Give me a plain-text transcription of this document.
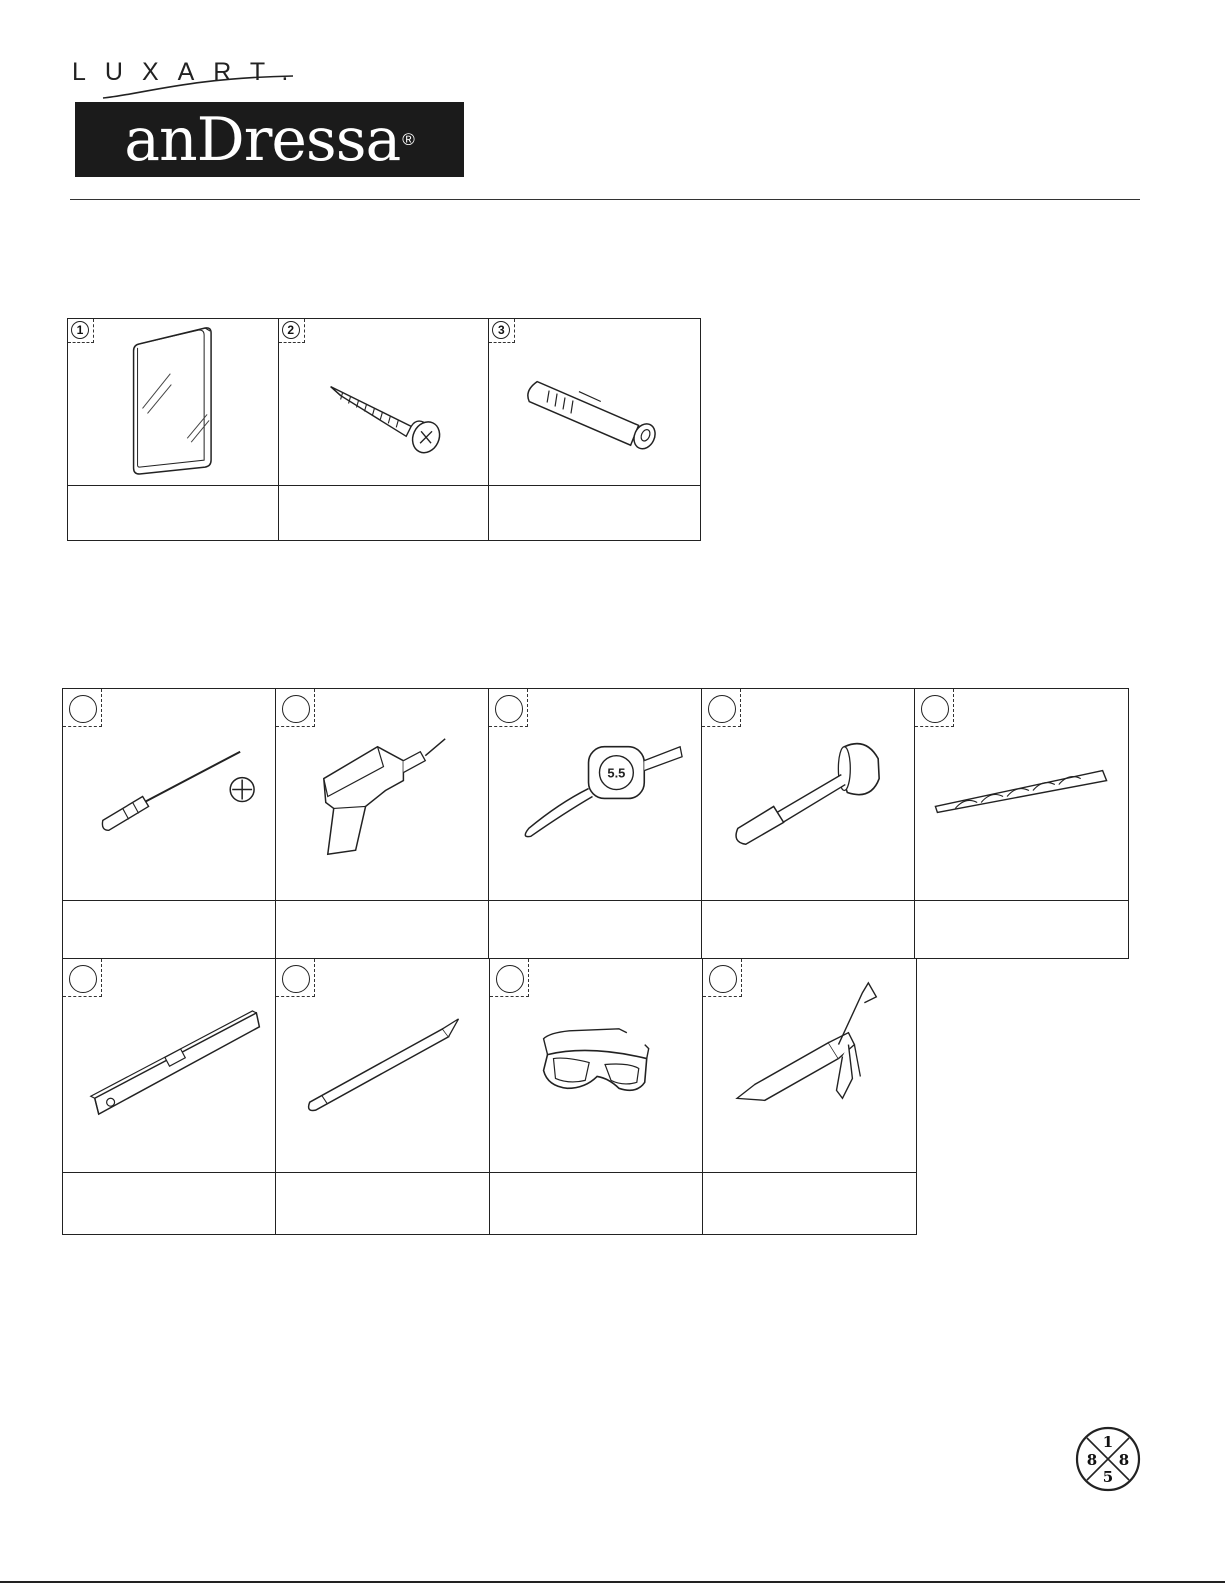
LUXART.
anDressa ®
1	2	3
5.5
1
8 8
5
